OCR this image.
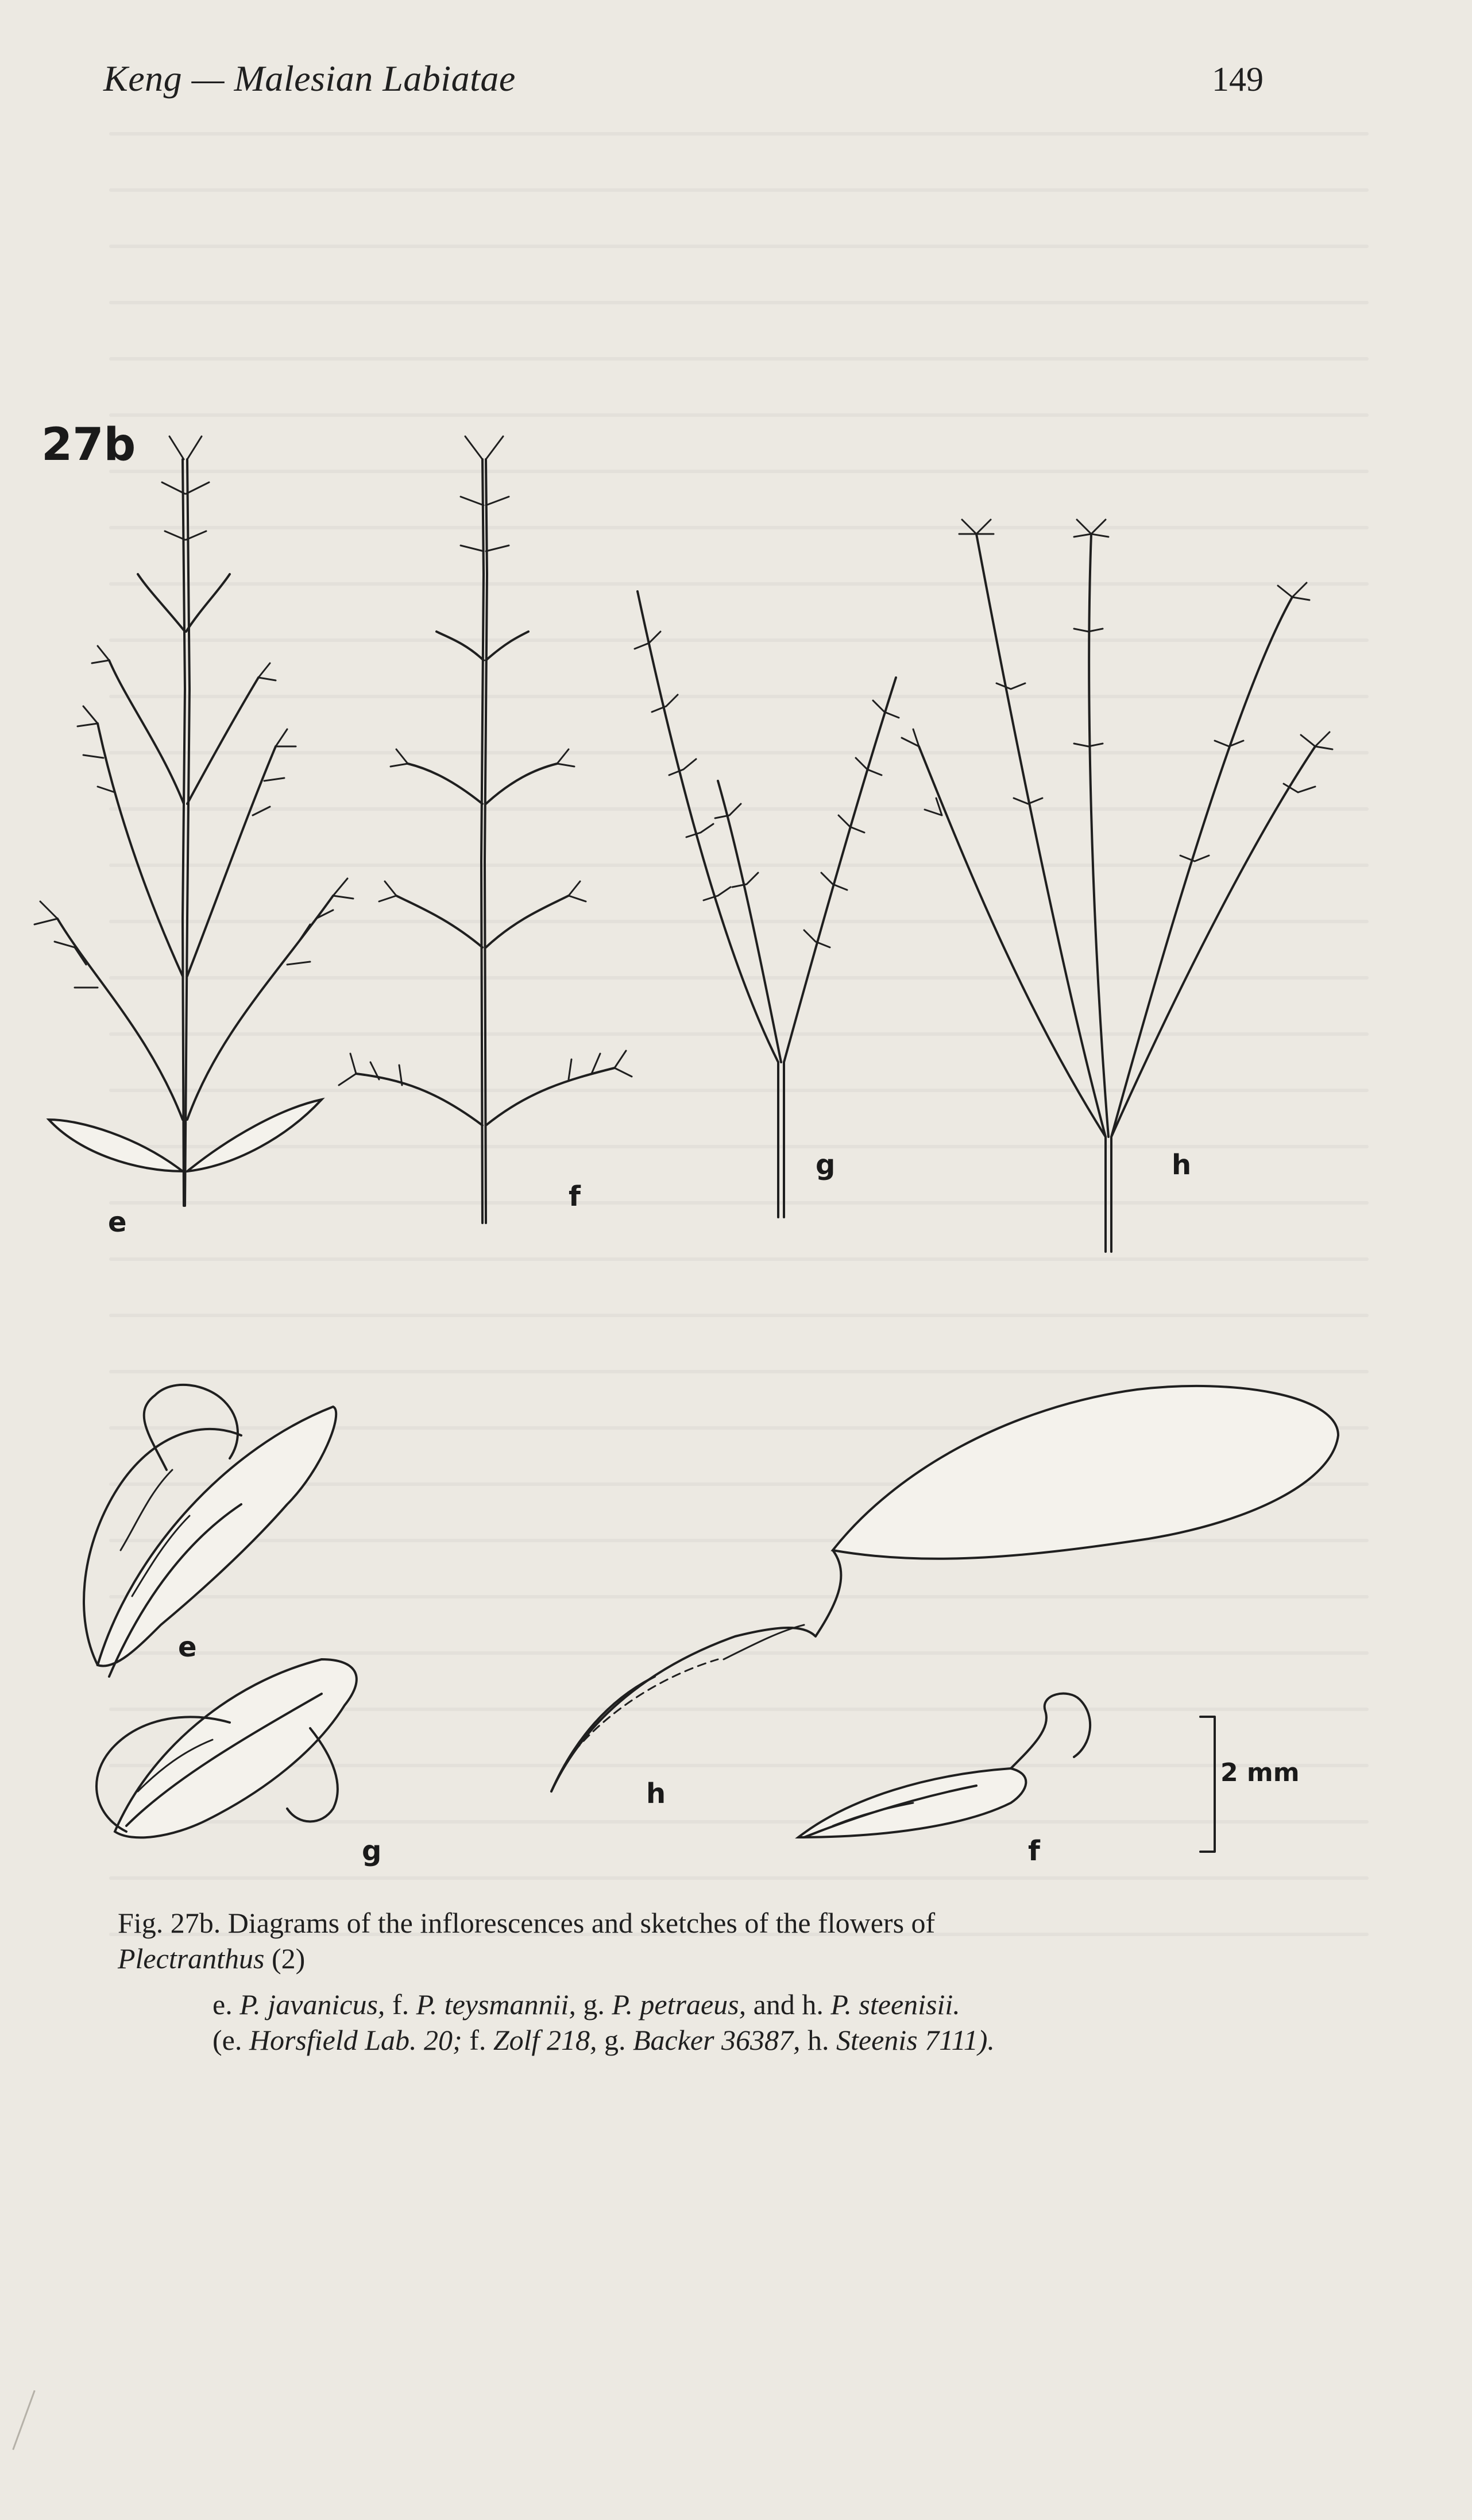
Keng — Malesian Labiatae	149
27b
e
f
g	h
e
g
h
f
2 mm
Fig. 27b. Diagrams of the inflorescences and sketches of the flowers of
Plectranthus (2)
e. P. javanicus, f. P. teysmannii, g. P. petraeus, and h. P. steenisii.
(e. Horsfield Lab. 20; f. Zolf 218, g. Backer 36387, h. Steenis 7111).
